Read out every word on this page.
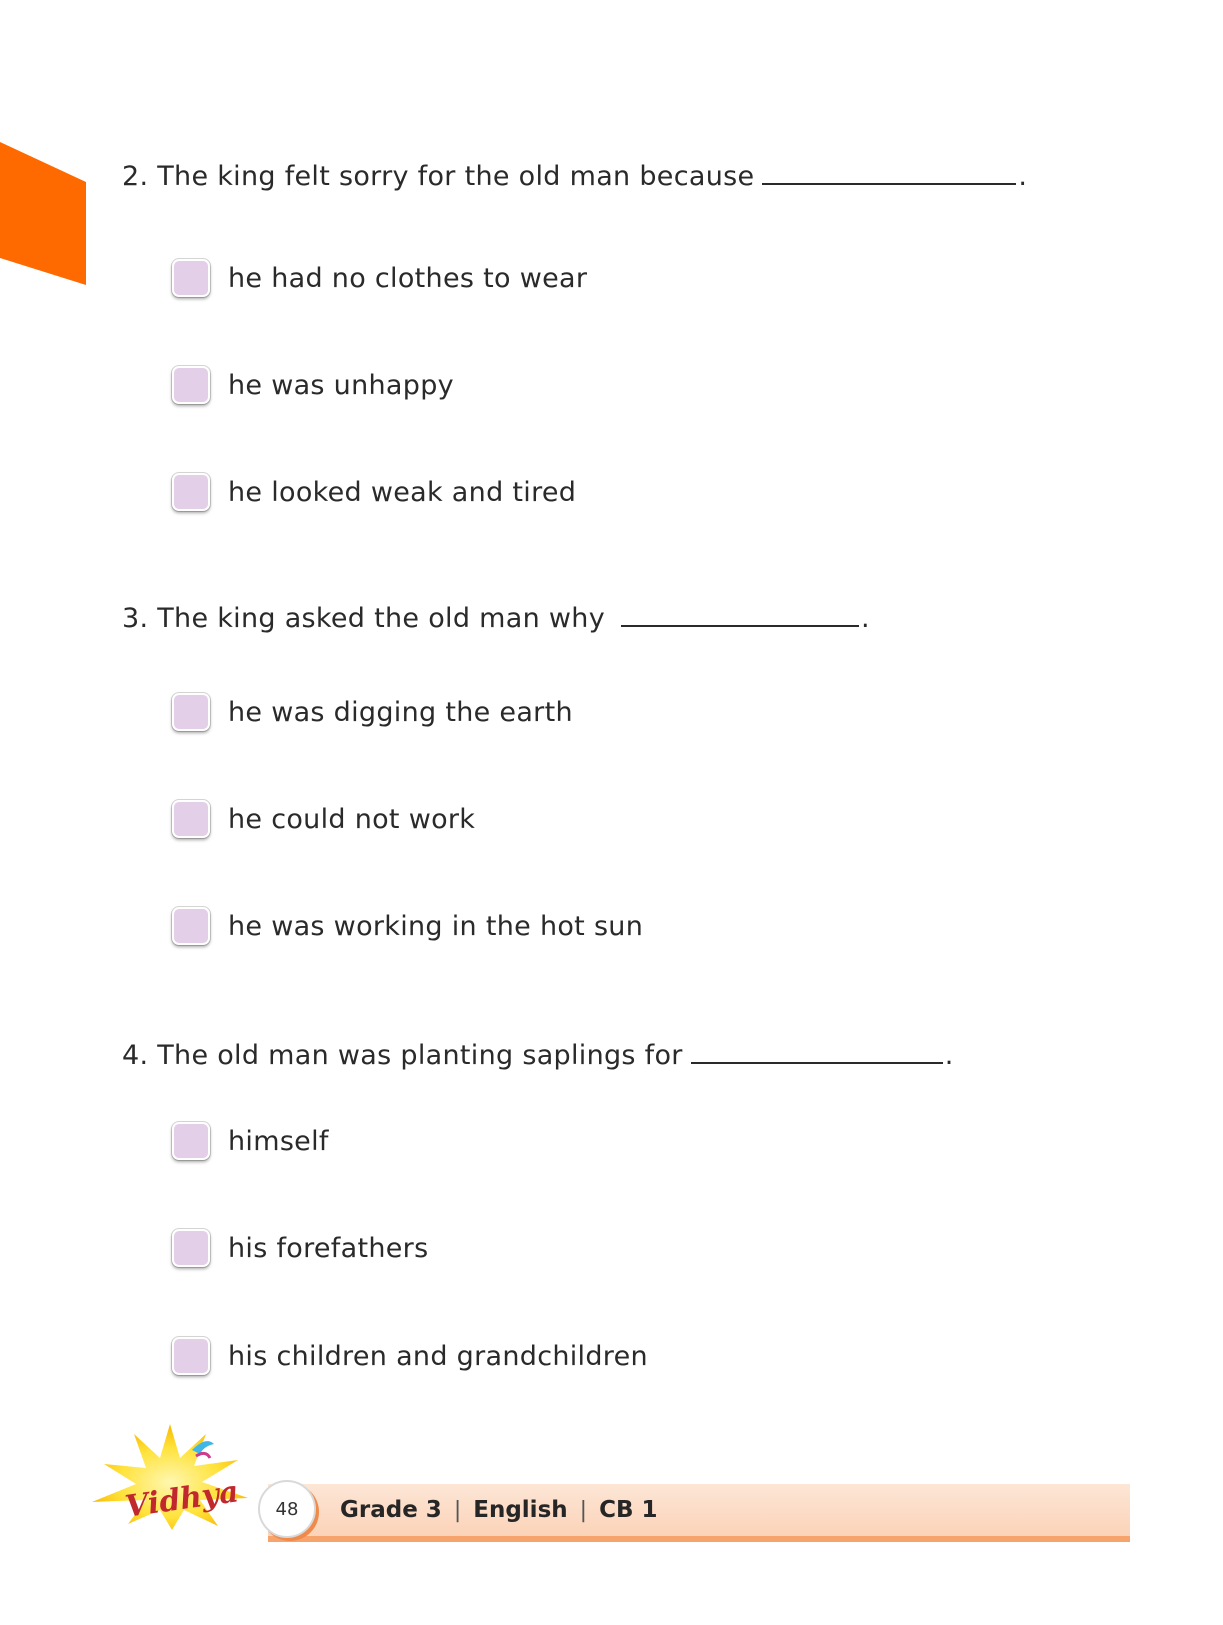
2. The king felt sorry for the old man because	.
he had no clothes to wear
he was unhappy
he looked weak and tired
3. The king asked the old man why	.
he was digging the earth
he could not work
he was working in the hot sun
4. The old man was planting saplings for	.
himself
his forefathers
his children and grandchildren
Vidhya	48	Grade 3 | English | CB 1
